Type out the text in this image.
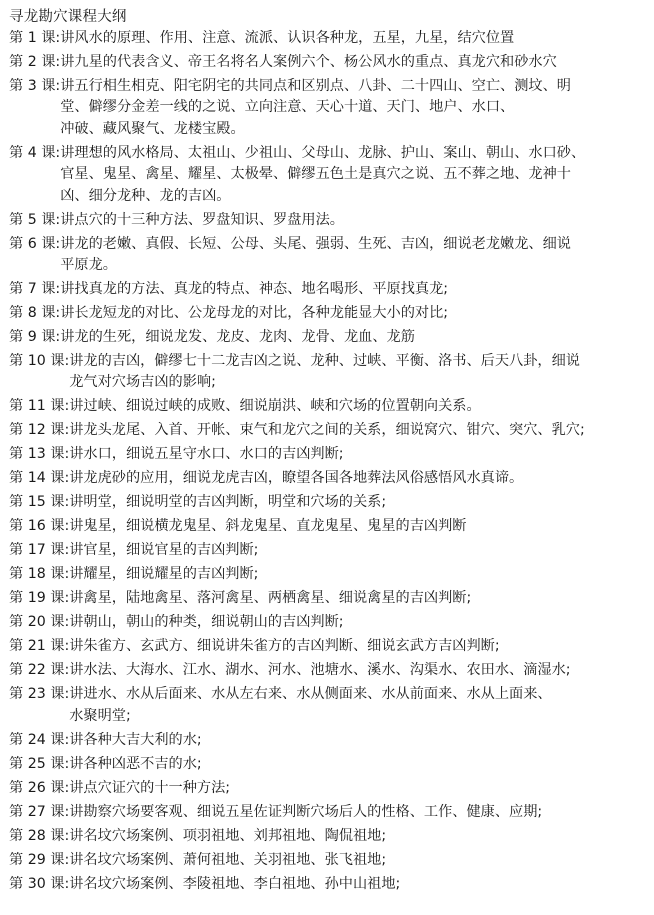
寻龙勘穴课程大纲
第 1 课: 讲风水的原理、作用、注意、流派、认识各种龙，五星，九星，结穴位置
第 2 课: 讲九星的代表含义、帝王名将名人案例六个、杨公风水的重点、真龙穴和砂水穴
第 3 课: 讲五行相生相克、阳宅阴宅的共同点和区别点、八卦、二十四山、空亡、测坟、明
堂、僻缪分金差一线的之说、立向注意、天心十道、天门、地户、水口、
冲破、藏风聚气、龙楼宝殿。
第 4 课: 讲理想的风水格局、太祖山、少祖山、父母山、龙脉、护山、案山、朝山、水口砂、
官星、鬼星、禽星、耀星、太极晕、僻缪五色土是真穴之说、五不葬之地、龙神十
凶、细分龙种、龙的吉凶。
第 5 课: 讲点穴的十三种方法、罗盘知识、罗盘用法。
第 6 课: 讲龙的老嫩、真假、长短、公母、头尾、强弱、生死、吉凶，细说老龙嫩龙、细说
平原龙。
第 7 课: 讲找真龙的方法、真龙的特点、神态、地名喝形、平原找真龙;
第 8 课: 讲长龙短龙的对比、公龙母龙的对比，各种龙能显大小的对比;
第 9 课: 讲龙的生死，细说龙发、龙皮、龙肉、龙骨、龙血、龙筋
第 10 课: 讲龙的吉凶，僻缪七十二龙吉凶之说、龙种、过峡、平衡、洛书、后天八卦，细说
龙气对穴场吉凶的影响;
第 11 课: 讲过峡、细说过峡的成败、细说崩洪、峡和穴场的位置朝向关系。
第 12 课: 讲龙头龙尾、入首、开帐、束气和龙穴之间的关系，细说窝穴、钳穴、突穴、乳穴;
第 13 课: 讲水口，细说五星守水口、水口的吉凶判断;
第 14 课: 讲龙虎砂的应用，细说龙虎吉凶，瞭望各国各地葬法风俗感悟风水真谛。
第 15 课: 讲明堂，细说明堂的吉凶判断，明堂和穴场的关系;
第 16 课: 讲鬼星，细说横龙鬼星、斜龙鬼星、直龙鬼星、鬼星的吉凶判断
第 17 课: 讲官星，细说官星的吉凶判断;
第 18 课: 讲耀星，细说耀星的吉凶判断;
第 19 课: 讲禽星，陆地禽星、落河禽星、两栖禽星、细说禽星的吉凶判断;
第 20 课: 讲朝山，朝山的种类，细说朝山的吉凶判断;
第 21 课: 讲朱雀方、玄武方、细说讲朱雀方的吉凶判断、细说玄武方吉凶判断;
第 22 课: 讲水法、大海水、江水、湖水、河水、池塘水、溪水、沟渠水、农田水、滴湿水;
第 23 课: 讲进水、水从后面来、水从左右来、水从侧面来、水从前面来、水从上面来、
水聚明堂;
第 24 课: 讲各种大吉大利的水;
第 25 课: 讲各种凶恶不吉的水;
第 26 课: 讲点穴证穴的十一种方法;
第 27 课: 讲勘察穴场要客观、细说五星佐证判断穴场后人的性格、工作、健康、应期;
第 28 课: 讲名坟穴场案例、项羽祖地、刘邦祖地、陶侃祖地;
第 29 课: 讲名坟穴场案例、萧何祖地、关羽祖地、张飞祖地;
第 30 课: 讲名坟穴场案例、李陵祖地、李白祖地、孙中山祖地;
